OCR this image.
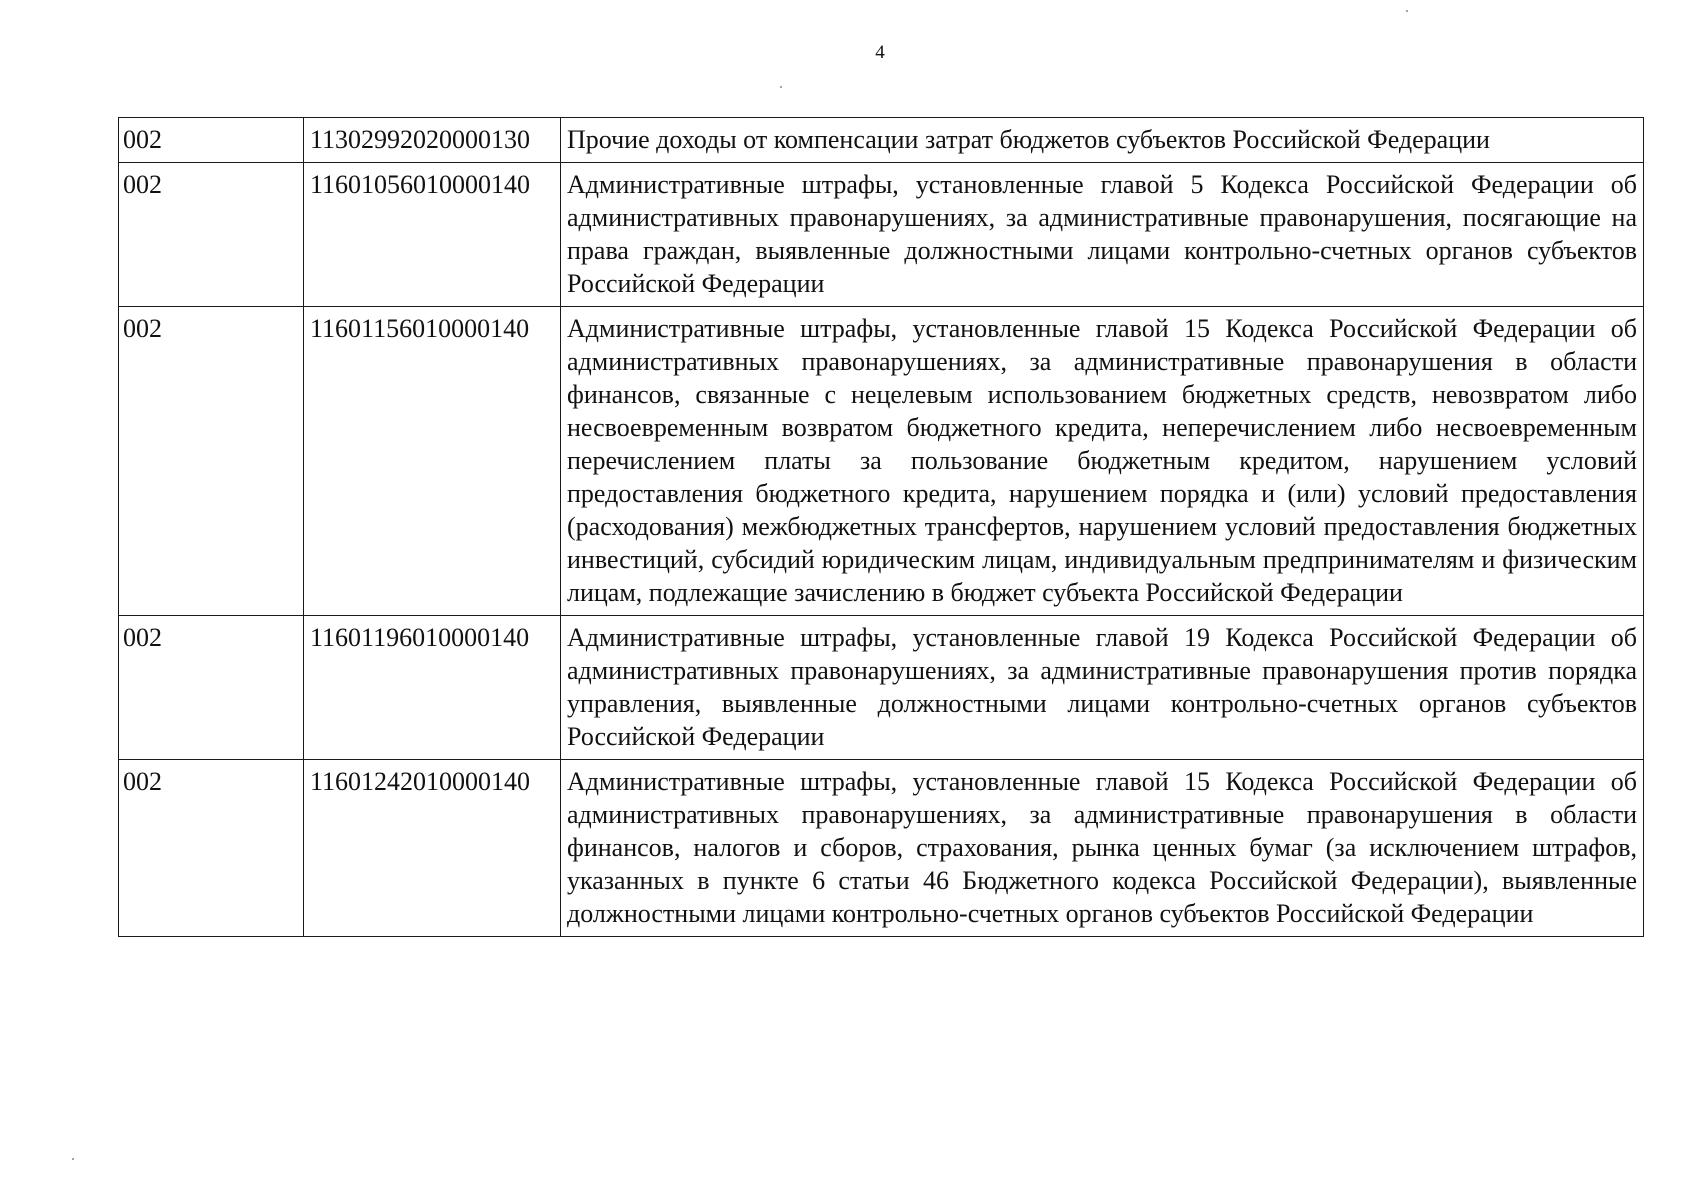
4
002	11302992020000130	Прочие доходы от компенсации затрат бюджетов субъектов Российской Федерации
002	11601056010000140	Административные штрафы, установленные главой 5 Кодекса Российской Федерации об административных правонарушениях, за административные правонарушения, посягающие на права граждан, выявленные должностными лицами контрольно-счетных органов субъектов Российской Федерации
002	11601156010000140	Административные штрафы, установленные главой 15 Кодекса Российской Федерации об административных правонарушениях, за административные правонарушения в области финансов, связанные с нецелевым использованием бюджетных средств, невозвратом либо несвоевременным возвратом бюджетного кредита, неперечислением либо несвоевременным перечислением платы за пользование бюджетным кредитом, нарушением условий предоставления бюджетного кредита, нарушением порядка и (или) условий предоставления (расходования) межбюджетных трансфертов, нарушением условий предоставления бюджетных инвестиций, субсидий юридическим лицам, индивидуальным предпринимателям и физическим лицам, подлежащие зачислению в бюджет субъекта Российской Федерации
002	11601196010000140	Административные штрафы, установленные главой 19 Кодекса Российской Федерации об административных правонарушениях, за административные правонарушения против порядка управления, выявленные должностными лицами контрольно-счетных органов субъектов Российской Федерации
002	11601242010000140	Административные штрафы, установленные главой 15 Кодекса Российской Федерации об административных правонарушениях, за административные правонарушения в области финансов, налогов и сборов, страхования, рынка ценных бумаг (за исключением штрафов, указанных в пункте 6 статьи 46 Бюджетного кодекса Российской Федерации), выявленные должностными лицами контрольно-счетных органов субъектов Российской Федерации
